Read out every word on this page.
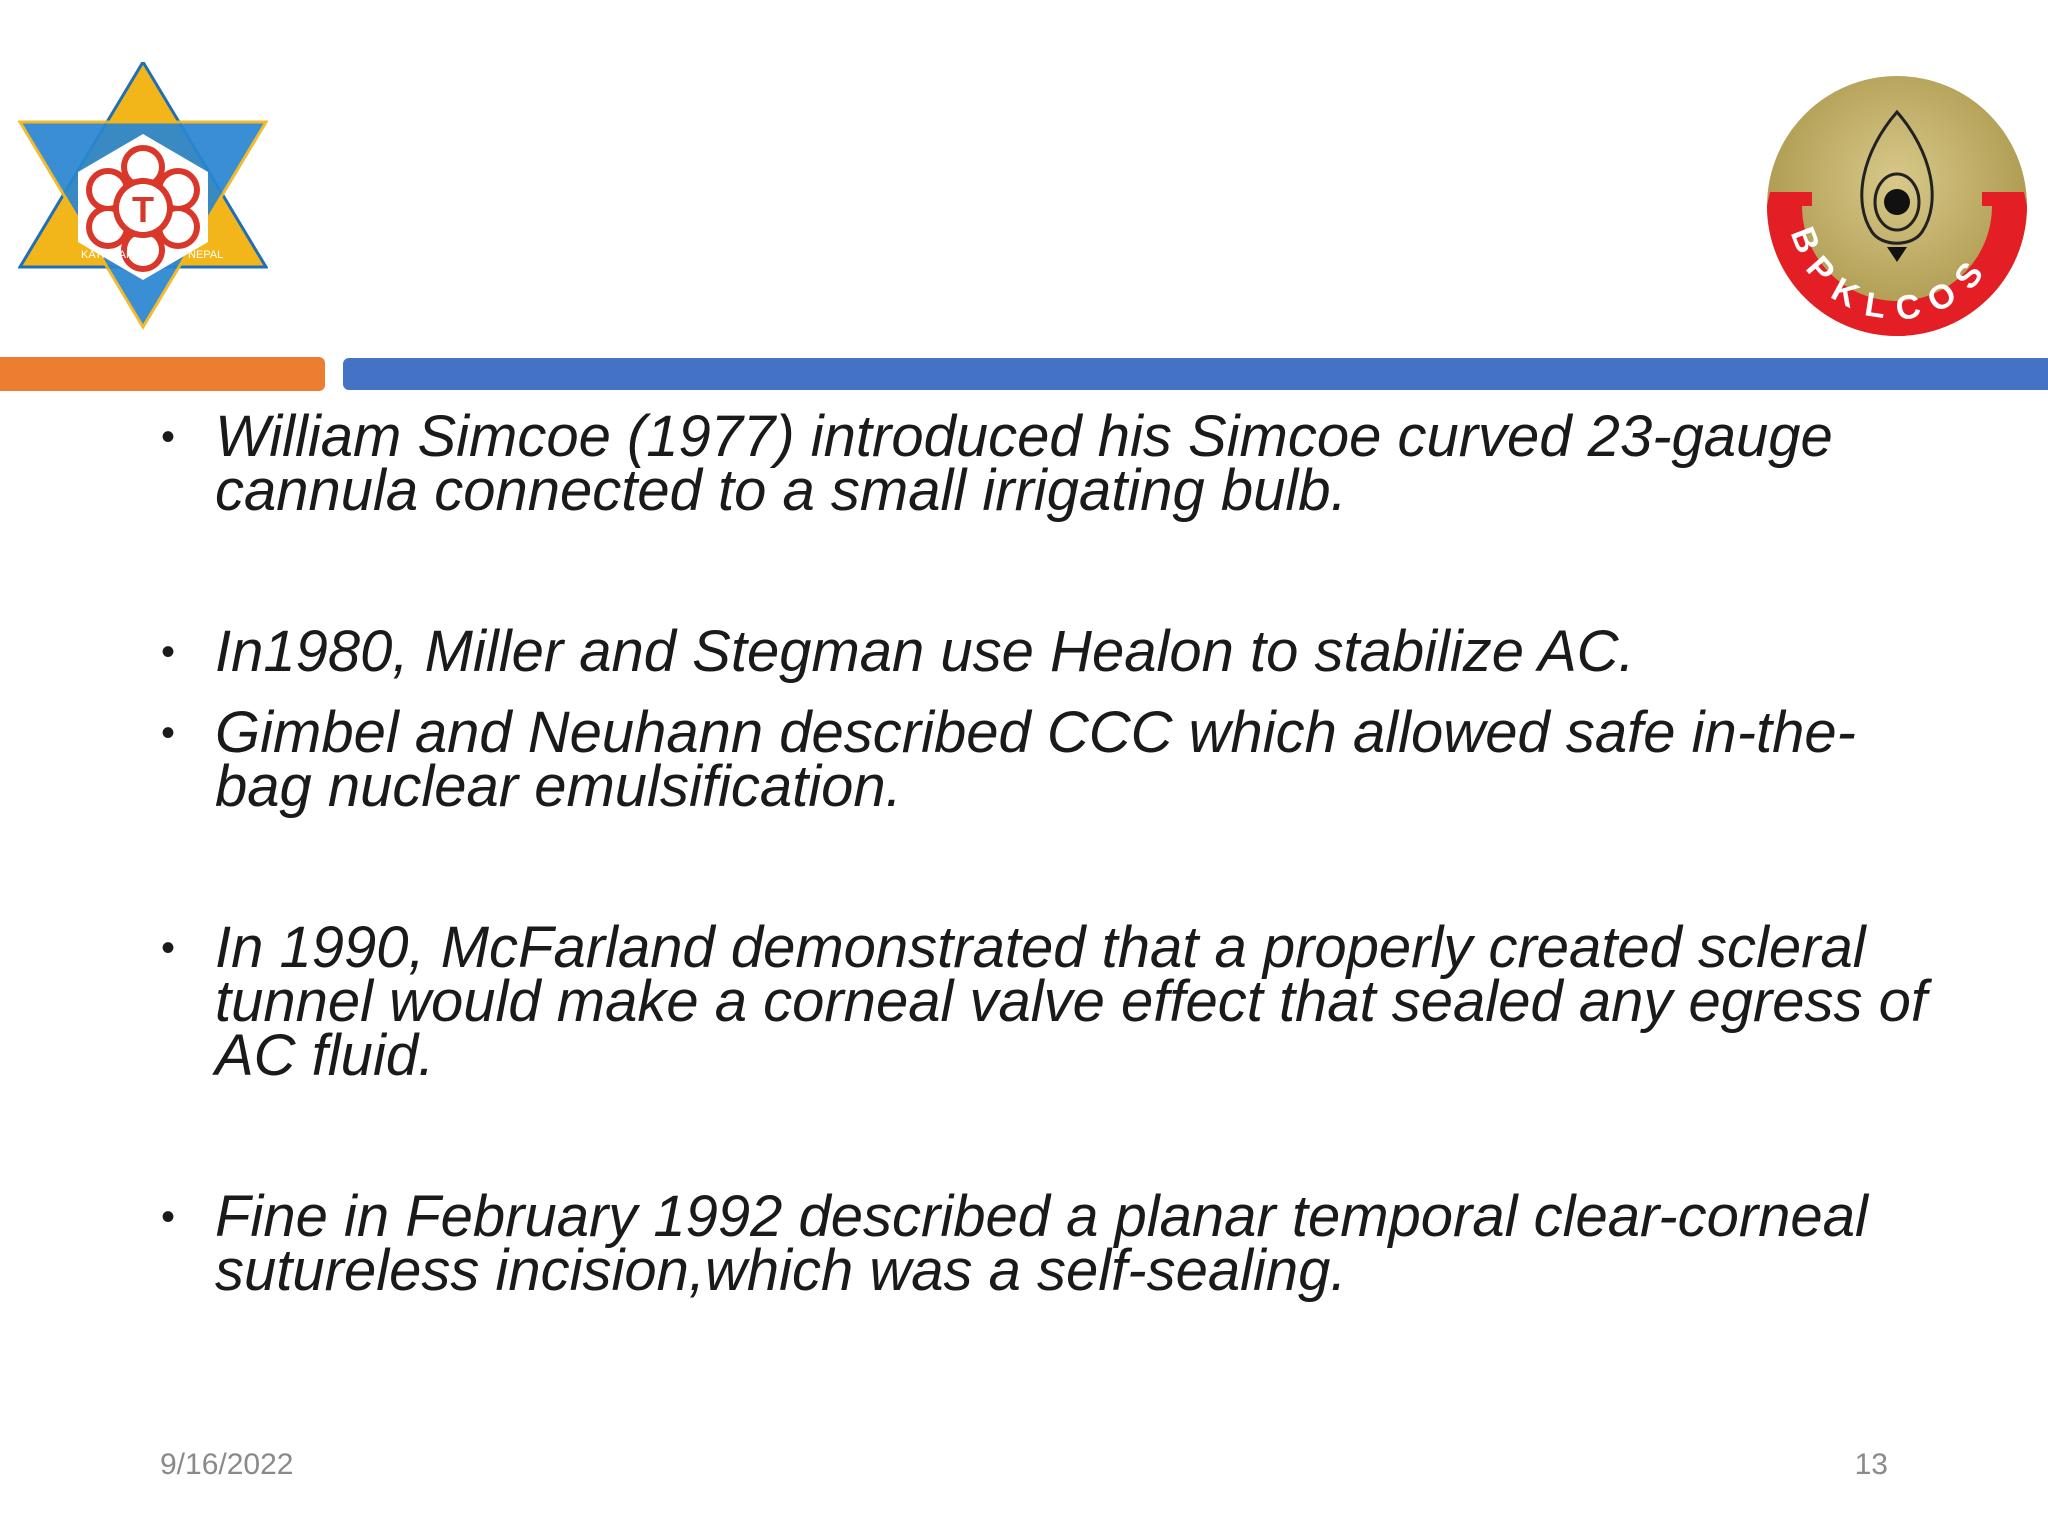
T
KATHMANDU	NEPAL	BPKLCOS
• William Simcoe (1977) introduced his Simcoe curved 23-gauge cannula connected to a small irrigating bulb.
• In1980, Miller and Stegman use Healon to stabilize AC.
• Gimbel and Neuhann described CCC which allowed safe in-the-bag nuclear emulsification.
• In 1990, McFarland demonstrated that a properly created scleral tunnel would make a corneal valve effect that sealed any egress of AC fluid.
• Fine in February 1992 described a planar temporal clear-corneal sutureless incision,which was a self-sealing.
9/16/2022	13
